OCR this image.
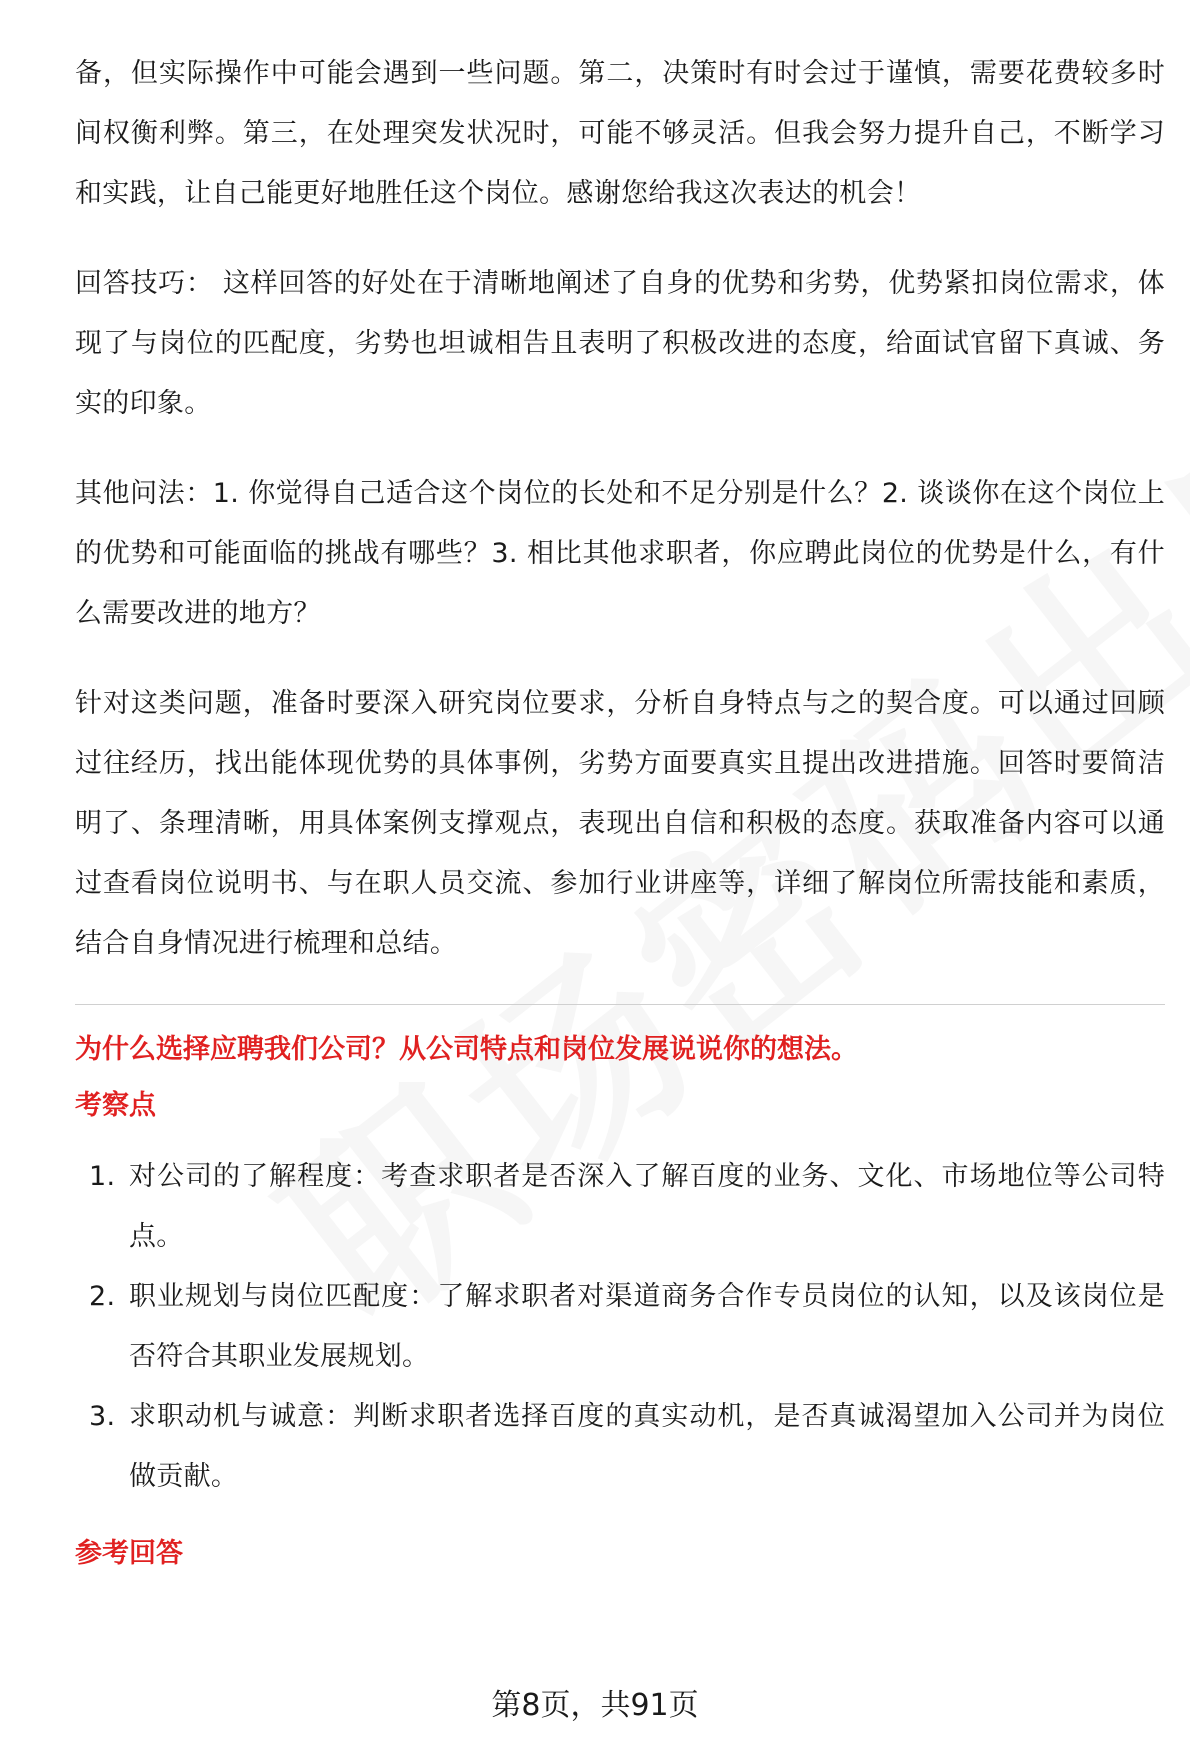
备，但实际操作中可能会遇到一些问题。第二，决策时有时会过于谨慎，需要花费较多时间权衡利弊。第三，在处理突发状况时，可能不够灵活。但我会努力提升自己，不断学习和实践，让自己能更好地胜任这个岗位。感谢您给我这次表达的机会！

回答技巧： 这样回答的好处在于清晰地阐述了自身的优势和劣势，优势紧扣岗位需求，体现了与岗位的匹配度，劣势也坦诚相告且表明了积极改进的态度，给面试官留下真诚、务实的印象。

其他问法：1. 你觉得自己适合这个岗位的长处和不足分别是什么？2. 谈谈你在这个岗位上的优势和可能面临的挑战有哪些？3. 相比其他求职者，你应聘此岗位的优势是什么，有什么需要改进的地方？

针对这类问题，准备时要深入研究岗位要求，分析自身特点与之的契合度。可以通过回顾过往经历，找出能体现优势的具体事例，劣势方面要真实且提出改进措施。回答时要简洁明了、条理清晰，用具体案例支撑观点，表现出自信和积极的态度。获取准备内容可以通过查看岗位说明书、与在职人员交流、参加行业讲座等，详细了解岗位所需技能和素质，结合自身情况进行梳理和总结。

为什么选择应聘我们公司？从公司特点和岗位发展说说你的想法。
考察点
1. 对公司的了解程度：考查求职者是否深入了解百度的业务、文化、市场地位等公司特点。
2. 职业规划与岗位匹配度：了解求职者对渠道商务合作专员岗位的认知，以及该岗位是否符合其职业发展规划。
3. 求职动机与诚意：判断求职者选择百度的真实动机，是否真诚渴望加入公司并为岗位做贡献。
参考回答
第8页，共91页
